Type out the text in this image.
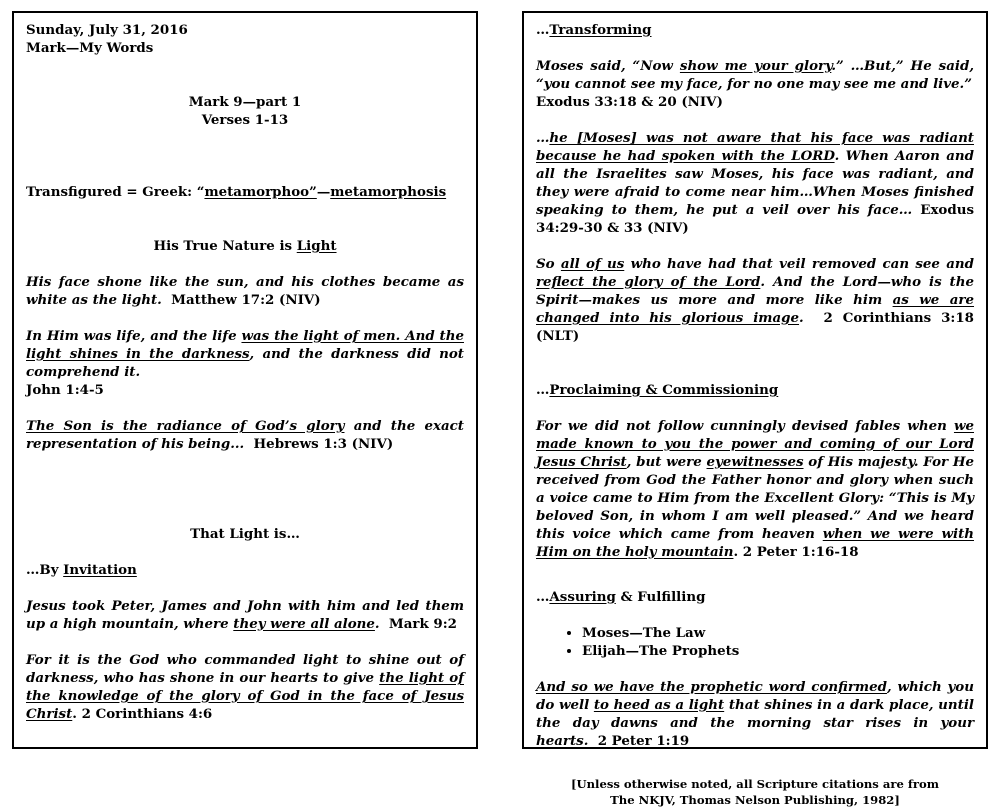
Sunday, July 31, 2016

Mark—My Words

Mark 9—part 1

Verses 1-13

Transfigured = Greek: “metamorphoo”—metamorphosis

His True Nature is Light

His face shone like the sun, and his clothes became as white as the light. Matthew 17:2 (NIV)

In Him was life, and the life was the light of men. And the light shines in the darkness, and the darkness did not comprehend it.
John 1:4-5

The Son is the radiance of God’s glory and the exact representation of his being... Hebrews 1:3 (NIV)

That Light is…

…By Invitation

Jesus took Peter, James and John with him and led them up a high mountain, where they were all alone. Mark 9:2

For it is the God who commanded light to shine out of darkness, who has shone in our hearts to give the light of the knowledge of the glory of God in the face of Jesus Christ. 2 Corinthians 4:6

…Transforming

Moses said, “Now show me your glory.” …But,” He said, “you cannot see my face, for no one may see me and live.”
Exodus 33:18 & 20 (NIV)

…he [Moses] was not aware that his face was radiant because he had spoken with the LORD. When Aaron and all the Israelites saw Moses, his face was radiant, and they were afraid to come near him…When Moses finished speaking to them, he put a veil over his face… Exodus 34:29-30 & 33 (NIV)

So all of us who have had that veil removed can see and reflect the glory of the Lord. And the Lord—who is the Spirit—makes us more and more like him as we are changed into his glorious image. 2 Corinthians 3:18 (NLT)

…Proclaiming & Commissioning

For we did not follow cunningly devised fables when we made known to you the power and coming of our Lord Jesus Christ, but were eyewitnesses of His majesty. For He received from God the Father honor and glory when such a voice came to Him from the Excellent Glory: “This is My beloved Son, in whom I am well pleased.” And we heard this voice which came from heaven when we were with Him on the holy mountain. 2 Peter 1:16-18

…Assuring & Fulfilling

• Moses—The Law
• Elijah—The Prophets

And so we have the prophetic word confirmed, which you do well to heed as a light that shines in a dark place, until the day dawns and the morning star rises in your hearts. 2 Peter 1:19

[Unless otherwise noted, all Scripture citations are from

The NKJV, Thomas Nelson Publishing, 1982]
